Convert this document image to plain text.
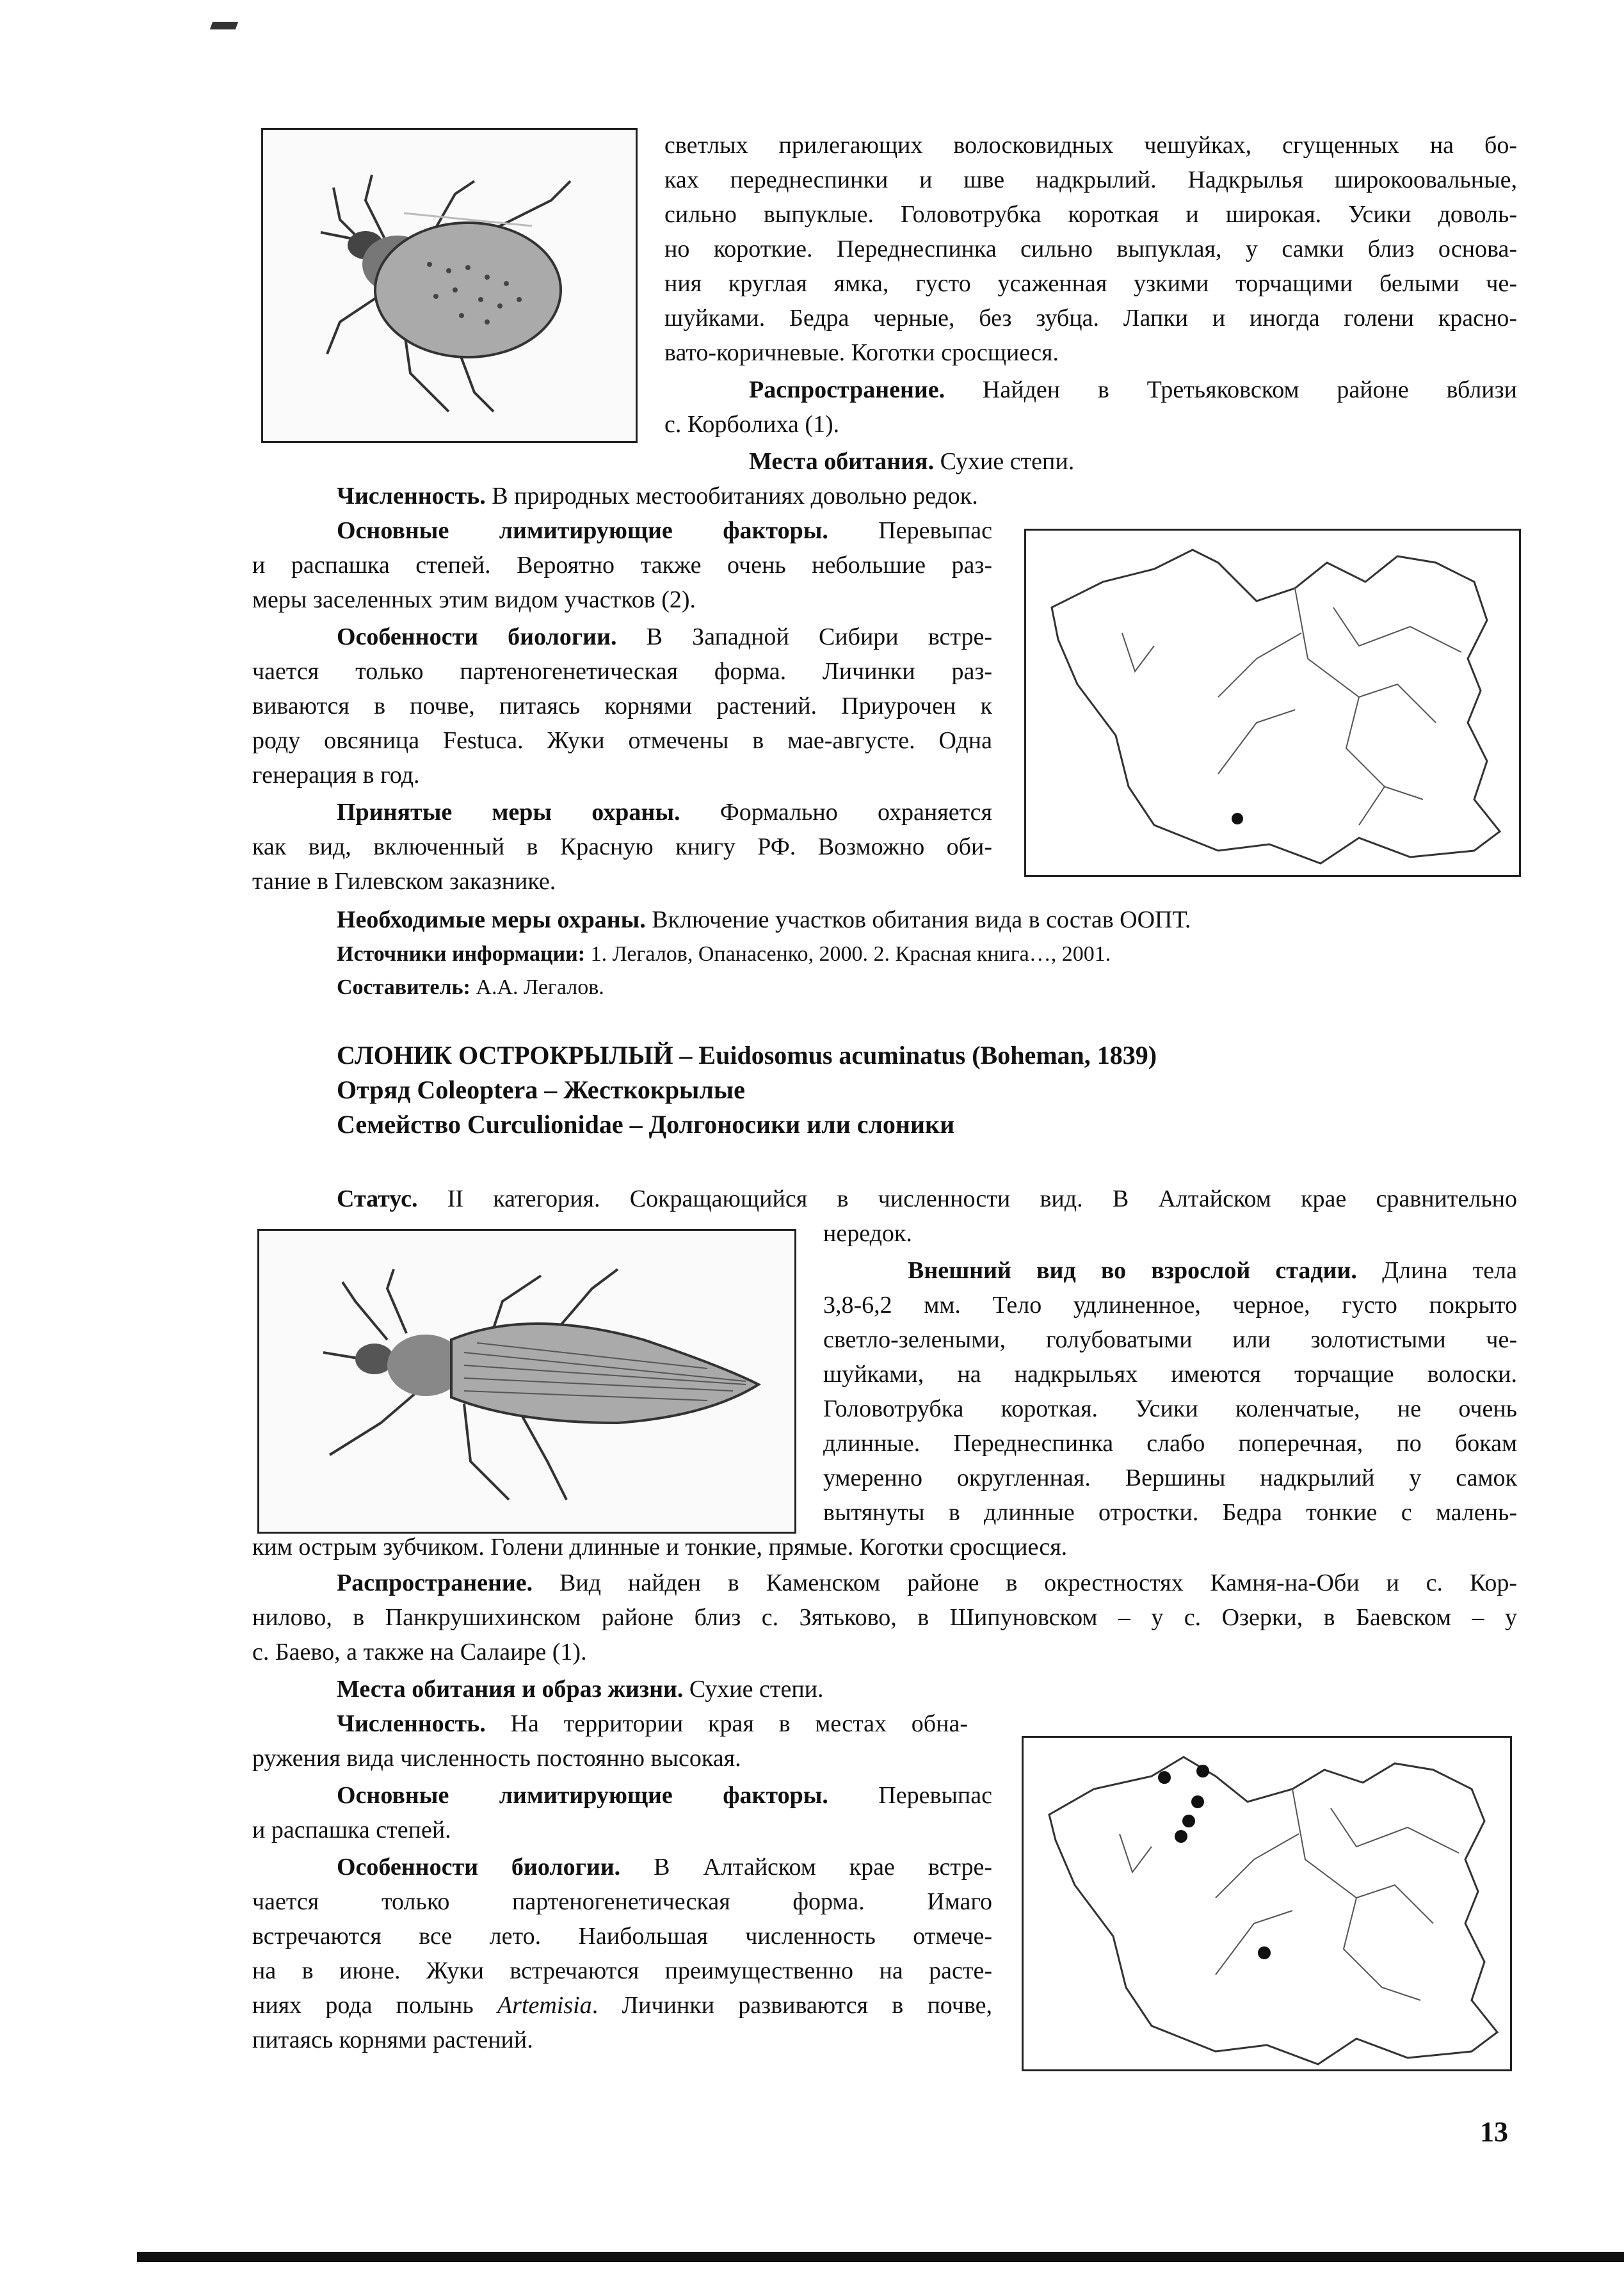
светлых прилегающих волосковидных чешуйках, сгущенных на бо-
ках переднеспинки и шве надкрылий. Надкрылья широкоовальные,
сильно выпуклые. Головотрубка короткая и широкая. Усики доволь-
но короткие. Переднеспинка сильно выпуклая, у самки близ основа-
ния круглая ямка, густо усаженная узкими торчащими белыми че-
шуйками. Бедра черные, без зубца. Лапки и иногда голени красно-
вато-коричневые. Коготки сросщиеся.
Распространение. Найден в Третьяковском районе вблизи
с. Корболиха (1).
Места обитания. Сухие степи.
Численность. В природных местообитаниях довольно редок.
Основные лимитирующие факторы. Перевыпас
и распашка степей. Вероятно также очень небольшие раз-
меры заселенных этим видом участков (2).
Особенности биологии. В Западной Сибири встре-
чается только партеногенетическая форма. Личинки раз-
виваются в почве, питаясь корнями растений. Приурочен к
роду овсяница Festuca. Жуки отмечены в мае-августе. Одна
генерация в год.
Принятые меры охраны. Формально охраняется
как вид, включенный в Красную книгу РФ. Возможно оби-
тание в Гилевском заказнике.
Необходимые меры охраны. Включение участков обитания вида в состав ООПТ.
Источники информации: 1. Легалов, Опанасенко, 2000. 2. Красная книга…, 2001.
Составитель: А.А. Легалов.
СЛОНИК ОСТРОКРЫЛЫЙ – Euidosomus acuminatus (Boheman, 1839)
Отряд Coleoptera – Жесткокрылые
Семейство Curculionidae – Долгоносики или слоники
Статус. II категория. Сокращающийся в численности вид. В Алтайском крае сравнительно
нередок.
Внешний вид во взрослой стадии. Длина тела
3,8-6,2 мм. Тело удлиненное, черное, густо покрыто
светло-зелеными, голубоватыми или золотистыми че-
шуйками, на надкрыльях имеются торчащие волоски.
Головотрубка короткая. Усики коленчатые, не очень
длинные. Переднеспинка слабо поперечная, по бокам
умеренно округленная. Вершины надкрылий у самок
вытянуты в длинные отростки. Бедра тонкие с малень-
ким острым зубчиком. Голени длинные и тонкие, прямые. Коготки сросщиеся.
Распространение. Вид найден в Каменском районе в окрестностях Камня-на-Оби и с. Кор-
нилово, в Панкрушихинском районе близ с. Зятьково, в Шипуновском – у с. Озерки, в Баевском – у
с. Баево, а также на Салаире (1).
Места обитания и образ жизни. Сухие степи.
Численность. На территории края в местах обна-
ружения вида численность постоянно высокая.
Основные лимитирующие факторы. Перевыпас
и распашка степей.
Особенности биологии. В Алтайском крае встре-
чается только партеногенетическая форма. Имаго
встречаются все лето. Наибольшая численность отмече-
на в июне. Жуки встречаются преимущественно на расте-
ниях рода полынь Artemisia. Личинки развиваются в почве,
питаясь корнями растений.
13
